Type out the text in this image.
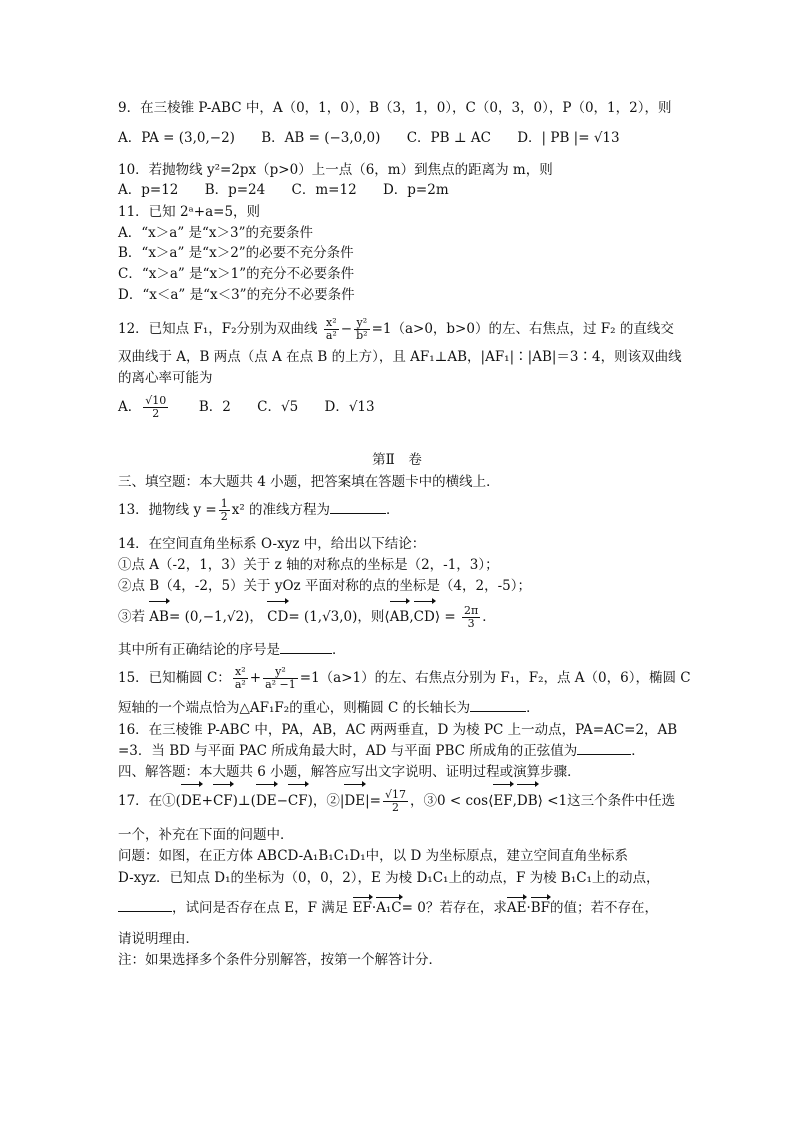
9．在三棱锥 P-ABC 中，A（0，1，0），B（3，1，0），C（0，3，0），P（0，1，2），则
A．PA = (3,0,−2) B．AB = (−3,0,0) C．PB ⊥ AC D．| PB |= √13
10．若抛物线 y²=2px（p>0）上一点（6，m）到焦点的距离为 m，则
A．p=12 B．p=24 C．m=12 D．p=2m
11．已知 2ᵃ+a=5，则
A．“x＞a” 是“x＞3”的充要条件
B．“x＞a” 是“x＞2”的必要不充分条件
C．“x＞a” 是“x＞1”的充分不必要条件
D．“x＜a” 是“x＜3”的充分不必要条件
12．已知点 F₁，F₂分别为双曲线 $\frac{\text{x²}}{\text{a²}} - \frac{\text{y²}}{\text{b²}} =1(a>0$，b>0）的左、右焦点，过 F₂ 的直线交
双曲线于 A，B 两点（点 A 在点 B 的上方），且 AF₁⊥AB，|AF₁|∶|AB|＝3∶4，则该双曲线
的离心率可能为
A． $\frac{√10}{2}$ B．2 C．√5 D．√13
第Ⅱ　卷
三、填空题：本大题共 4 小题，把答案填在答题卡中的横线上．
13．抛物线 $y = \frac{1}{2} x^2$ 的准线方程为	．
14．在空间直角坐标系 O-xyz 中，给出以下结论：
①点 A（-2，1，3）关于 z 轴的对称点的坐标是（2，-1，3）；
②点 B（4，-2，5）关于 yOz 平面对称的点的坐标是（4，2，-5）；
③若 AB= (0,−1,√2)， CD= (1,√3,0)，则⟨AB,CD⟩ = $\frac{2\pi}{3}$ ．
其中所有正确结论的序号是	．
15．已知椭圆 C： $\frac{\text{x²}}{\text{a²}} + \frac{\text{y²}}{\text{a² −1}} =1(a>1)$的左、右焦点分别为 F₁，F₂，点 A（0，6），椭圆 C
短轴的一个端点恰为△AF₁F₂的重心，则椭圆 C 的长轴长为	．
16．在三棱锥 P-ABC 中，PA，AB，AC 两两垂直，D 为棱 PC 上一动点，PA=AC=2，AB
=3．当 BD 与平面 PAC 所成角最大时，AD 与平面 PBC 所成角的正弦值为	．
四、解答题：本大题共 6 小题，解答应写出文字说明、证明过程或演算步骤．
17．在①(DE+CF)⊥(DE−CF)，②|DE|= $\frac{√17}{2}$ ，③0 < cos⟨EF,DB⟩ <1这三个条件中任选
一个，补充在下面的问题中．
问题：如图，在正方体 ABCD-A₁B₁C₁D₁中，以 D 为坐标原点，建立空间直角坐标系
D-xyz．已知点 D₁的坐标为（0，0，2），E 为棱 D₁C₁上的动点，F 为棱 B₁C₁上的动点，
，试问是否存在点 E，F 满足 EF·A₁C= 0？若存在，求AE·BF的值；若不存在，
请说明理由．
注：如果选择多个条件分别解答，按第一个解答计分．
